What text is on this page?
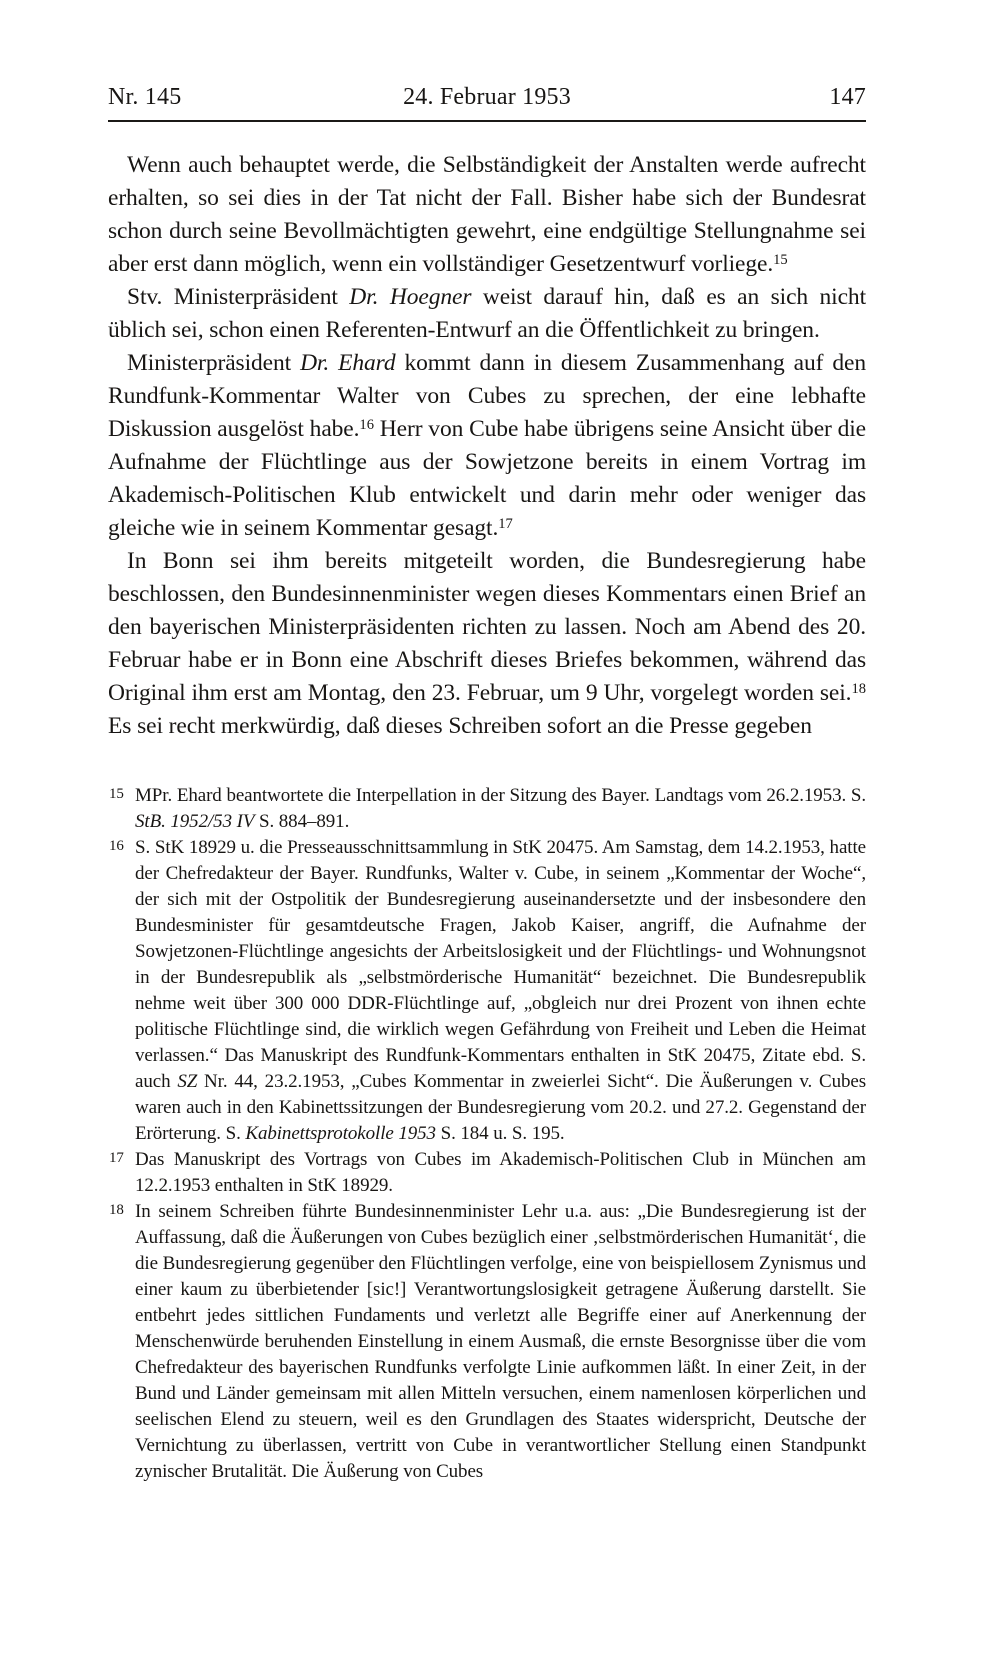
Nr. 145	24. Februar 1953	147

Wenn auch behauptet werde, die Selbständigkeit der Anstalten werde aufrecht erhalten, so sei dies in der Tat nicht der Fall. Bisher habe sich der Bundesrat schon durch seine Bevollmächtigten gewehrt, eine endgültige Stellungnahme sei aber erst dann möglich, wenn ein vollständiger Gesetzentwurf vorliege.$^{15}$

Stv. Ministerpräsident Dr. Hoegner weist darauf hin, daß es an sich nicht üblich sei, schon einen Referenten-Entwurf an die Öffentlichkeit zu bringen.

Ministerpräsident Dr. Ehard kommt dann in diesem Zusammenhang auf den Rundfunk-Kommentar Walter von Cubes zu sprechen, der eine lebhafte Diskussion ausgelöst habe.$^{16}$ Herr von Cube habe übrigens seine Ansicht über die Aufnahme der Flüchtlinge aus der Sowjetzone bereits in einem Vortrag im Akademisch-Politischen Klub entwickelt und darin mehr oder weniger das gleiche wie in seinem Kommentar gesagt.$^{17}$

In Bonn sei ihm bereits mitgeteilt worden, die Bundesregierung habe beschlossen, den Bundesinnenminister wegen dieses Kommentars einen Brief an den bayerischen Ministerpräsidenten richten zu lassen. Noch am Abend des 20. Februar habe er in Bonn eine Abschrift dieses Briefes bekommen, während das Original ihm erst am Montag, den 23. Februar, um 9 Uhr, vorgelegt worden sei.$^{18}$ Es sei recht merkwürdig, daß dieses Schreiben sofort an die Presse gegeben

15 MPr. Ehard beantwortete die Interpellation in der Sitzung des Bayer. Landtags vom 26.2.1953. S. StB. 1952/53 IV S. 884–891.
16 S. StK 18929 u. die Presseausschnittsammlung in StK 20475. Am Samstag, dem 14.2.1953, hatte der Chefredakteur der Bayer. Rundfunks, Walter v. Cube, in seinem „Kommentar der Woche“, der sich mit der Ostpolitik der Bundesregierung auseinandersetzte und der insbesondere den Bundesminister für gesamtdeutsche Fragen, Jakob Kaiser, angriff, die Aufnahme der Sowjetzonen-Flüchtlinge angesichts der Arbeitslosigkeit und der Flüchtlings- und Wohnungsnot in der Bundesrepublik als „selbstmörderische Humanität“ bezeichnet. Die Bundesrepublik nehme weit über 300 000 DDR-Flüchtlinge auf, „obgleich nur drei Prozent von ihnen echte politische Flüchtlinge sind, die wirklich wegen Gefährdung von Freiheit und Leben die Heimat verlassen.“ Das Manuskript des Rundfunk-Kommentars enthalten in StK 20475, Zitate ebd. S. auch SZ Nr. 44, 23.2.1953, „Cubes Kommentar in zweierlei Sicht“. Die Äußerungen v. Cubes waren auch in den Kabinettssitzungen der Bundesregierung vom 20.2. und 27.2. Gegenstand der Erörterung. S. Kabinettsprotokolle 1953 S. 184 u. S. 195.
17 Das Manuskript des Vortrags von Cubes im Akademisch-Politischen Club in München am 12.2.1953 enthalten in StK 18929.
18 In seinem Schreiben führte Bundesinnenminister Lehr u.a. aus: „Die Bundesregierung ist der Auffassung, daß die Äußerungen von Cubes bezüglich einer ‚selbstmörderischen Humanität‘, die die Bundesregierung gegenüber den Flüchtlingen verfolge, eine von beispiellosem Zynismus und einer kaum zu überbietender [sic!] Verantwortungslosigkeit getragene Äußerung darstellt. Sie entbehrt jedes sittlichen Fundaments und verletzt alle Begriffe einer auf Anerkennung der Menschenwürde beruhenden Einstellung in einem Ausmaß, die ernste Besorgnisse über die vom Chefredakteur des bayerischen Rundfunks verfolgte Linie aufkommen läßt. In einer Zeit, in der Bund und Länder gemeinsam mit allen Mitteln versuchen, einem namenlosen körperlichen und seelischen Elend zu steuern, weil es den Grundlagen des Staates widerspricht, Deutsche der Vernichtung zu überlassen, vertritt von Cube in verantwortlicher Stellung einen Standpunkt zynischer Brutalität. Die Äußerung von Cubes
